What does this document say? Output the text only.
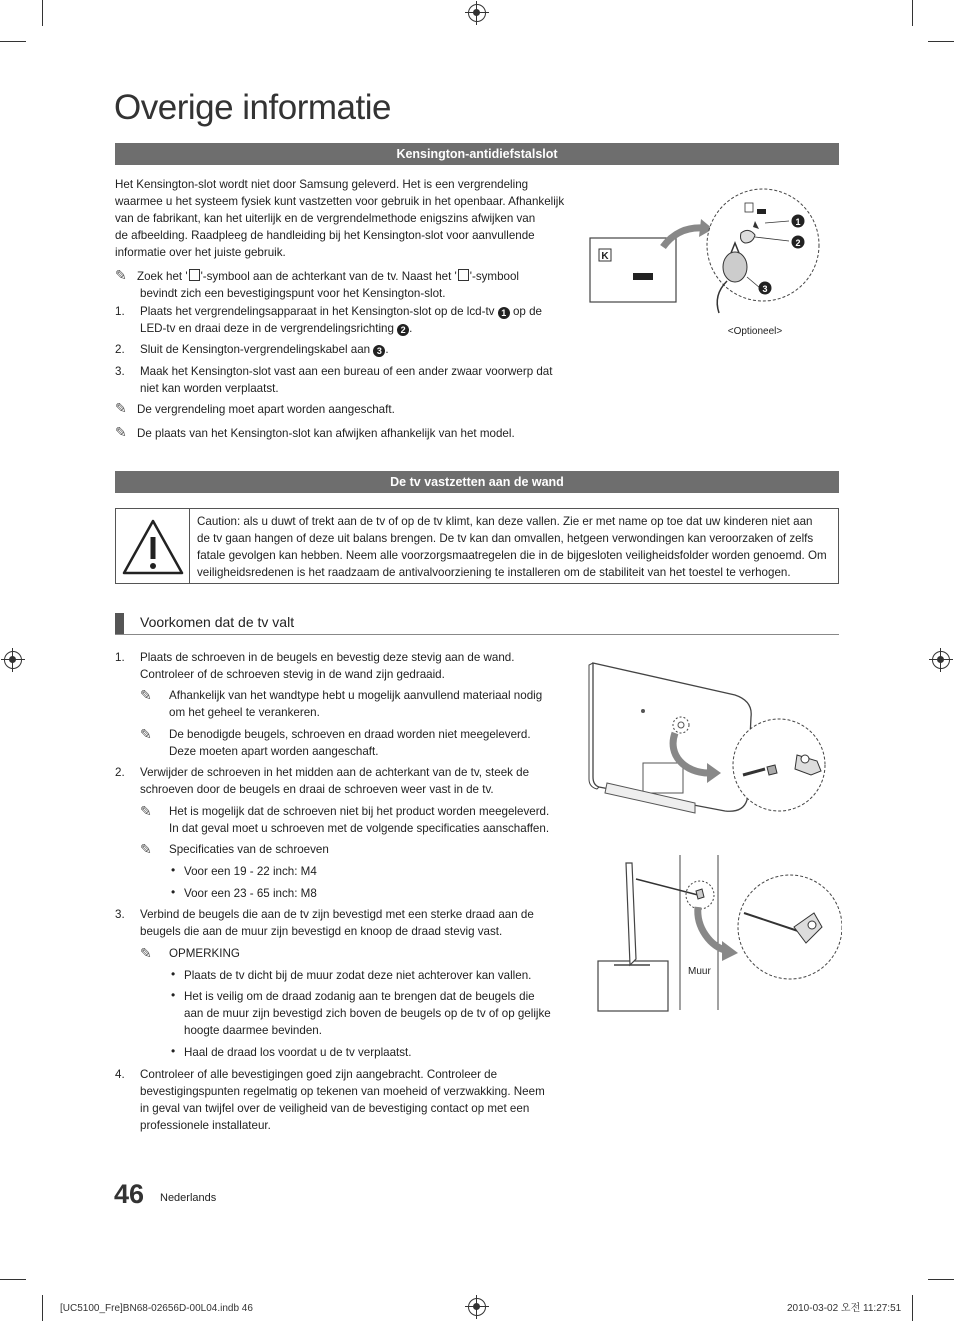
Overige informatie
Kensington-antidiefstalslot
Het Kensington-slot wordt niet door Samsung geleverd. Het is een vergrendeling
waarmee u het systeem fysiek kunt vastzetten voor gebruik in het openbaar. Afhankelijk
van de fabrikant, kan het uiterlijk en de vergrendelmethode enigszins afwijken van
de afbeelding. Raadpleeg de handleiding bij het Kensington-slot voor aanvullende
informatie over het juiste gebruik.
✎ Zoek het ' '-symbool aan de achterkant van de tv. Naast het ' '-symbool
bevindt zich een bevestigingspunt voor het Kensington-slot.
1.	Plaats het vergrendelingsapparaat in het Kensington-slot op de lcd-tv 1 op de
LED-tv en draai deze in de vergrendelingsrichting 2 .
2.	Sluit de Kensington-vergrendelingskabel aan 3 .
3.	Maak het Kensington-slot vast aan een bureau of een ander zwaar voorwerp dat
niet kan worden verplaatst.
✎ De vergrendeling moet apart worden aangeschaft.
✎ De plaats van het Kensington-slot kan afwijken afhankelijk van het model.
K
1
2
3
<Optioneel>
De tv vastzetten aan de wand
Caution: als u duwt of trekt aan de tv of op de tv klimt, kan deze vallen. Zie er met name op toe dat uw kinderen niet aan
de tv gaan hangen of deze uit balans brengen. De tv kan dan omvallen, hetgeen verwondingen kan veroorzaken of zelfs
fatale gevolgen kan hebben. Neem alle voorzorgsmaatregelen die in de bijgesloten veiligheidsfolder worden genoemd. Om
veiligheidsredenen is het raadzaam de antivalvoorziening te installeren om de stabiliteit van het toestel te verhogen.
Voorkomen dat de tv valt
1.	Plaats de schroeven in de beugels en bevestig deze stevig aan de wand.
Controleer of de schroeven stevig in de wand zijn gedraaid.
✎	Afhankelijk van het wandtype hebt u mogelijk aanvullend materiaal nodig
om het geheel te verankeren.
✎	De benodigde beugels, schroeven en draad worden niet meegeleverd.
Deze moeten apart worden aangeschaft.
2.	Verwijder de schroeven in het midden aan de achterkant van de tv, steek de
schroeven door de beugels en draai de schroeven weer vast in de tv.
✎	Het is mogelijk dat de schroeven niet bij het product worden meegeleverd.
In dat geval moet u schroeven met de volgende specificaties aanschaffen.
✎	Specificaties van de schroeven
• Voor een 19 - 22 inch: M4
• Voor een 23 - 65 inch: M8
3.	Verbind de beugels die aan de tv zijn bevestigd met een sterke draad aan de
beugels die aan de muur zijn bevestigd en knoop de draad stevig vast.
✎	OPMERKING
• Plaats de tv dicht bij de muur zodat deze niet achterover kan vallen.
• Het is veilig om de draad zodanig aan te brengen dat de beugels die
aan de muur zijn bevestigd zich boven de beugels op de tv of op gelijke
hoogte daarmee bevinden.
• Haal de draad los voordat u de tv verplaatst.
4.	Controleer of alle bevestigingen goed zijn aangebracht. Controleer de
bevestigingspunten regelmatig op tekenen van moeheid of verzwakking. Neem
in geval van twijfel over de veiligheid van de bevestiging contact op met een
professionele installateur.
Muur
46 Nederlands
[UC5100_Fre]BN68-02656D-00L04.indb 46	2010-03-02 오전 11:27:51
